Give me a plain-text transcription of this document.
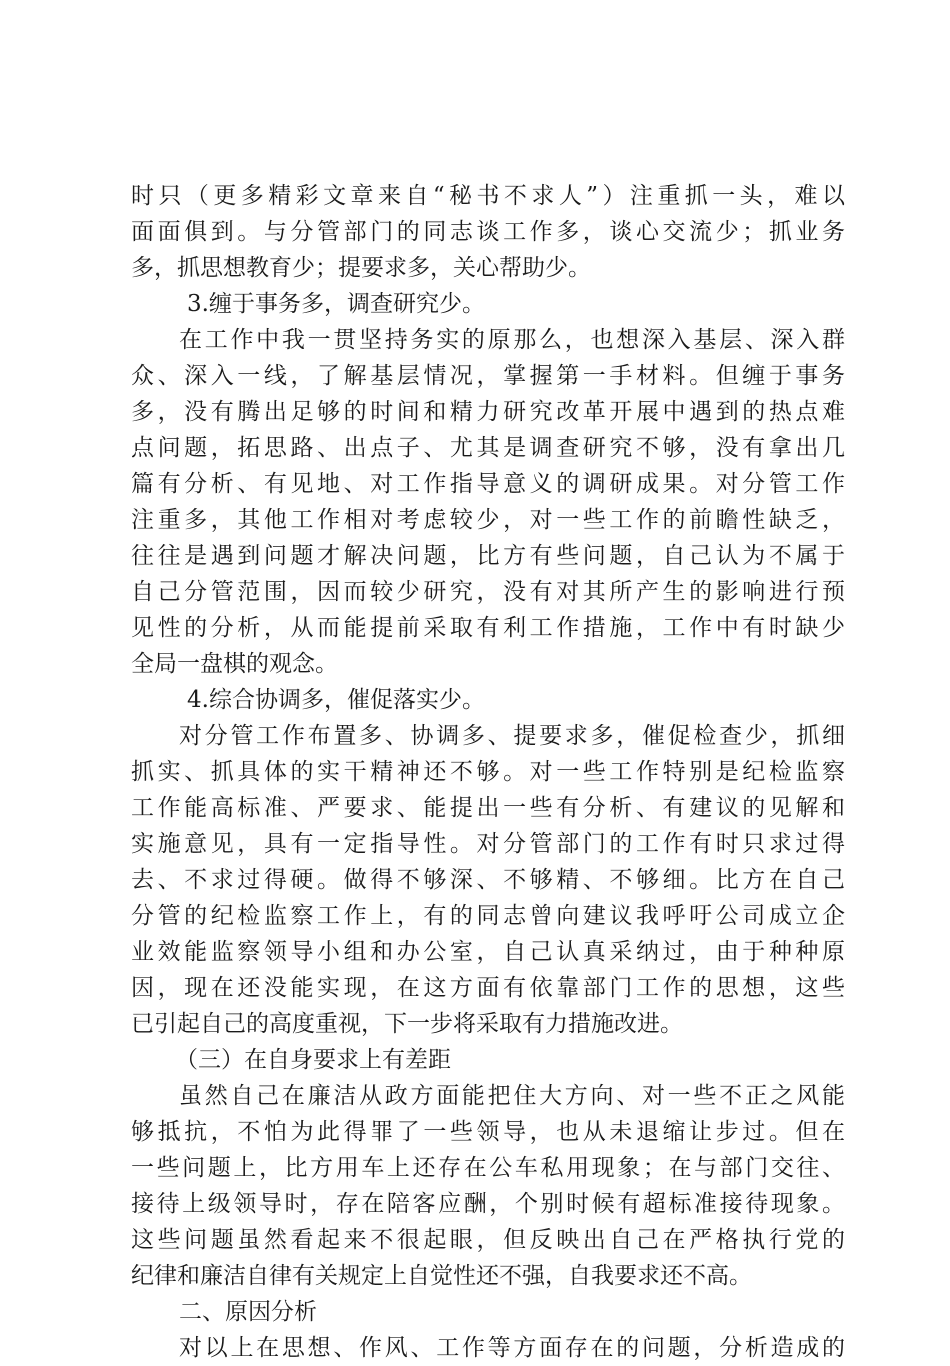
时只（更多精彩文章来自“秘书不求人”）注重抓一头，难以
面面俱到。与分管部门的同志谈工作多，谈心交流少；抓业务
多，抓思想教育少；提要求多，关心帮助少。
3.缠于事务多，调查研究少。
在工作中我一贯坚持务实的原那么，也想深入基层、深入群
众、深入一线，了解基层情况，掌握第一手材料。但缠于事务
多，没有腾出足够的时间和精力研究改革开展中遇到的热点难
点问题，拓思路、出点子、尤其是调查研究不够，没有拿出几
篇有分析、有见地、对工作指导意义的调研成果。对分管工作
注重多，其他工作相对考虑较少，对一些工作的前瞻性缺乏，
往往是遇到问题才解决问题，比方有些问题，自己认为不属于
自己分管范围，因而较少研究，没有对其所产生的影响进行预
见性的分析，从而能提前采取有利工作措施，工作中有时缺少
全局一盘棋的观念。
4.综合协调多，催促落实少。
对分管工作布置多、协调多、提要求多，催促检查少，抓细
抓实、抓具体的实干精神还不够。对一些工作特别是纪检监察
工作能高标准、严要求、能提出一些有分析、有建议的见解和
实施意见，具有一定指导性。对分管部门的工作有时只求过得
去、不求过得硬。做得不够深、不够精、不够细。比方在自己
分管的纪检监察工作上，有的同志曾向建议我呼吁公司成立企
业效能监察领导小组和办公室，自己认真采纳过，由于种种原
因，现在还没能实现，在这方面有依靠部门工作的思想，这些
已引起自己的高度重视，下一步将采取有力措施改进。
（三）在自身要求上有差距
虽然自己在廉洁从政方面能把住大方向、对一些不正之风能
够抵抗，不怕为此得罪了一些领导，也从未退缩让步过。但在
一些问题上，比方用车上还存在公车私用现象；在与部门交往、
接待上级领导时，存在陪客应酬，个别时候有超标准接待现象。
这些问题虽然看起来不很起眼，但反映出自己在严格执行党的
纪律和廉洁自律有关规定上自觉性还不强，自我要求还不高。
二、原因分析
对以上在思想、作风、工作等方面存在的问题，分析造成的
